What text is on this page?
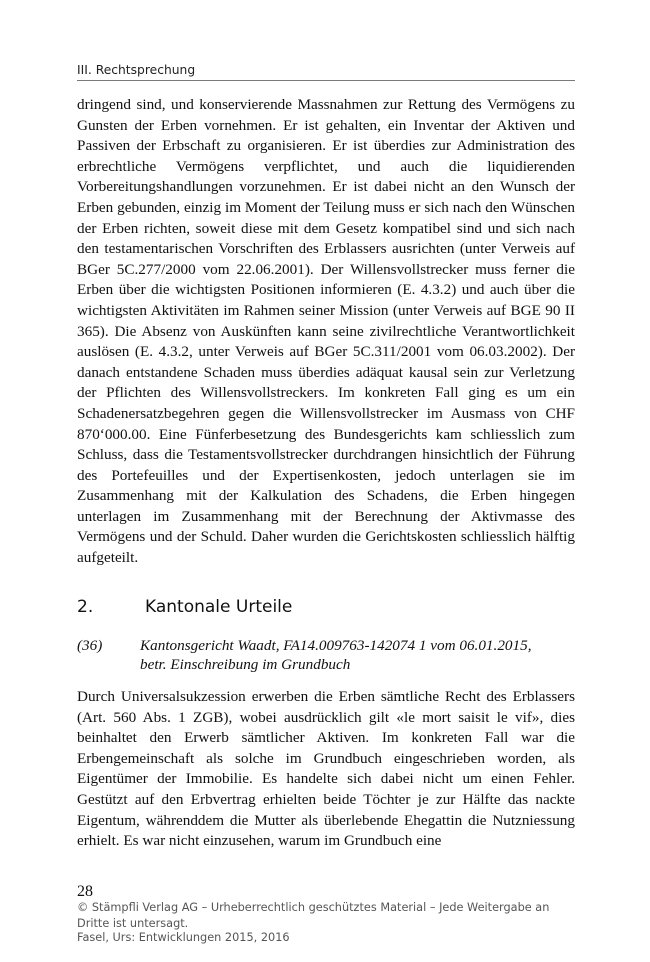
III. Rechtsprechung

dringend sind, und konservierende Massnahmen zur Rettung des Vermögens zu Gunsten der Erben vornehmen. Er ist gehalten, ein Inventar der Aktiven und Passiven der Erbschaft zu organisieren. Er ist überdies zur Administration des erbrechtliche Vermögens verpflichtet, und auch die liquidierenden Vorbereitungshandlungen vorzunehmen. Er ist dabei nicht an den Wunsch der Erben gebunden, einzig im Moment der Teilung muss er sich nach den Wünschen der Erben richten, soweit diese mit dem Gesetz kompatibel sind und sich nach den testamentarischen Vorschriften des Erblassers ausrichten (unter Verweis auf BGer 5C.277/2000 vom 22.06.2001). Der Willensvollstrecker muss ferner die Erben über die wichtigsten Positionen informieren (E. 4.3.2) und auch über die wichtigsten Aktivitäten im Rahmen seiner Mission (unter Verweis auf BGE 90 II 365). Die Absenz von Auskünften kann seine zivilrechtliche Verantwortlichkeit auslösen (E. 4.3.2, unter Verweis auf BGer 5C.311/2001 vom 06.03.2002). Der danach entstandene Schaden muss überdies adäquat kausal sein zur Verletzung der Pflichten des Willensvollstreckers. Im konkreten Fall ging es um ein Schadenersatzbegehren gegen die Willensvollstrecker im Ausmass von CHF 870‘000.00. Eine Fünferbesetzung des Bundesgerichts kam schliesslich zum Schluss, dass die Testamentsvollstrecker durchdrangen hinsichtlich der Führung des Portefeuilles und der Expertisenkosten, jedoch unterlagen sie im Zusammenhang mit der Kalkulation des Schadens, die Erben hingegen unterlagen im Zusammenhang mit der Berechnung der Aktivmasse des Vermögens und der Schuld. Daher wurden die Gerichtskosten schliesslich hälftig aufgeteilt.

2.	Kantonale Urteile
(36) Kantonsgericht Waadt, FA14.009763-142074 1 vom 06.01.2015,
betr. Einschreibung im Grundbuch

Durch Universalsukzession erwerben die Erben sämtliche Recht des Erblassers (Art. 560 Abs. 1 ZGB), wobei ausdrücklich gilt «le mort saisit le vif», dies beinhaltet den Erwerb sämtlicher Aktiven. Im konkreten Fall war die Erbengemeinschaft als solche im Grundbuch eingeschrieben worden, als Eigentümer der Immobilie. Es handelte sich dabei nicht um einen Fehler. Gestützt auf den Erbvertrag erhielten beide Töchter je zur Hälfte das nackte Eigentum, währenddem die Mutter als überlebende Ehegattin die Nutzniessung erhielt. Es war nicht einzusehen, warum im Grundbuch eine

28
© Stämpfli Verlag AG – Urheberrechtlich geschütztes Material – Jede Weitergabe an Dritte ist untersagt.
Fasel, Urs: Entwicklungen 2015, 2016
